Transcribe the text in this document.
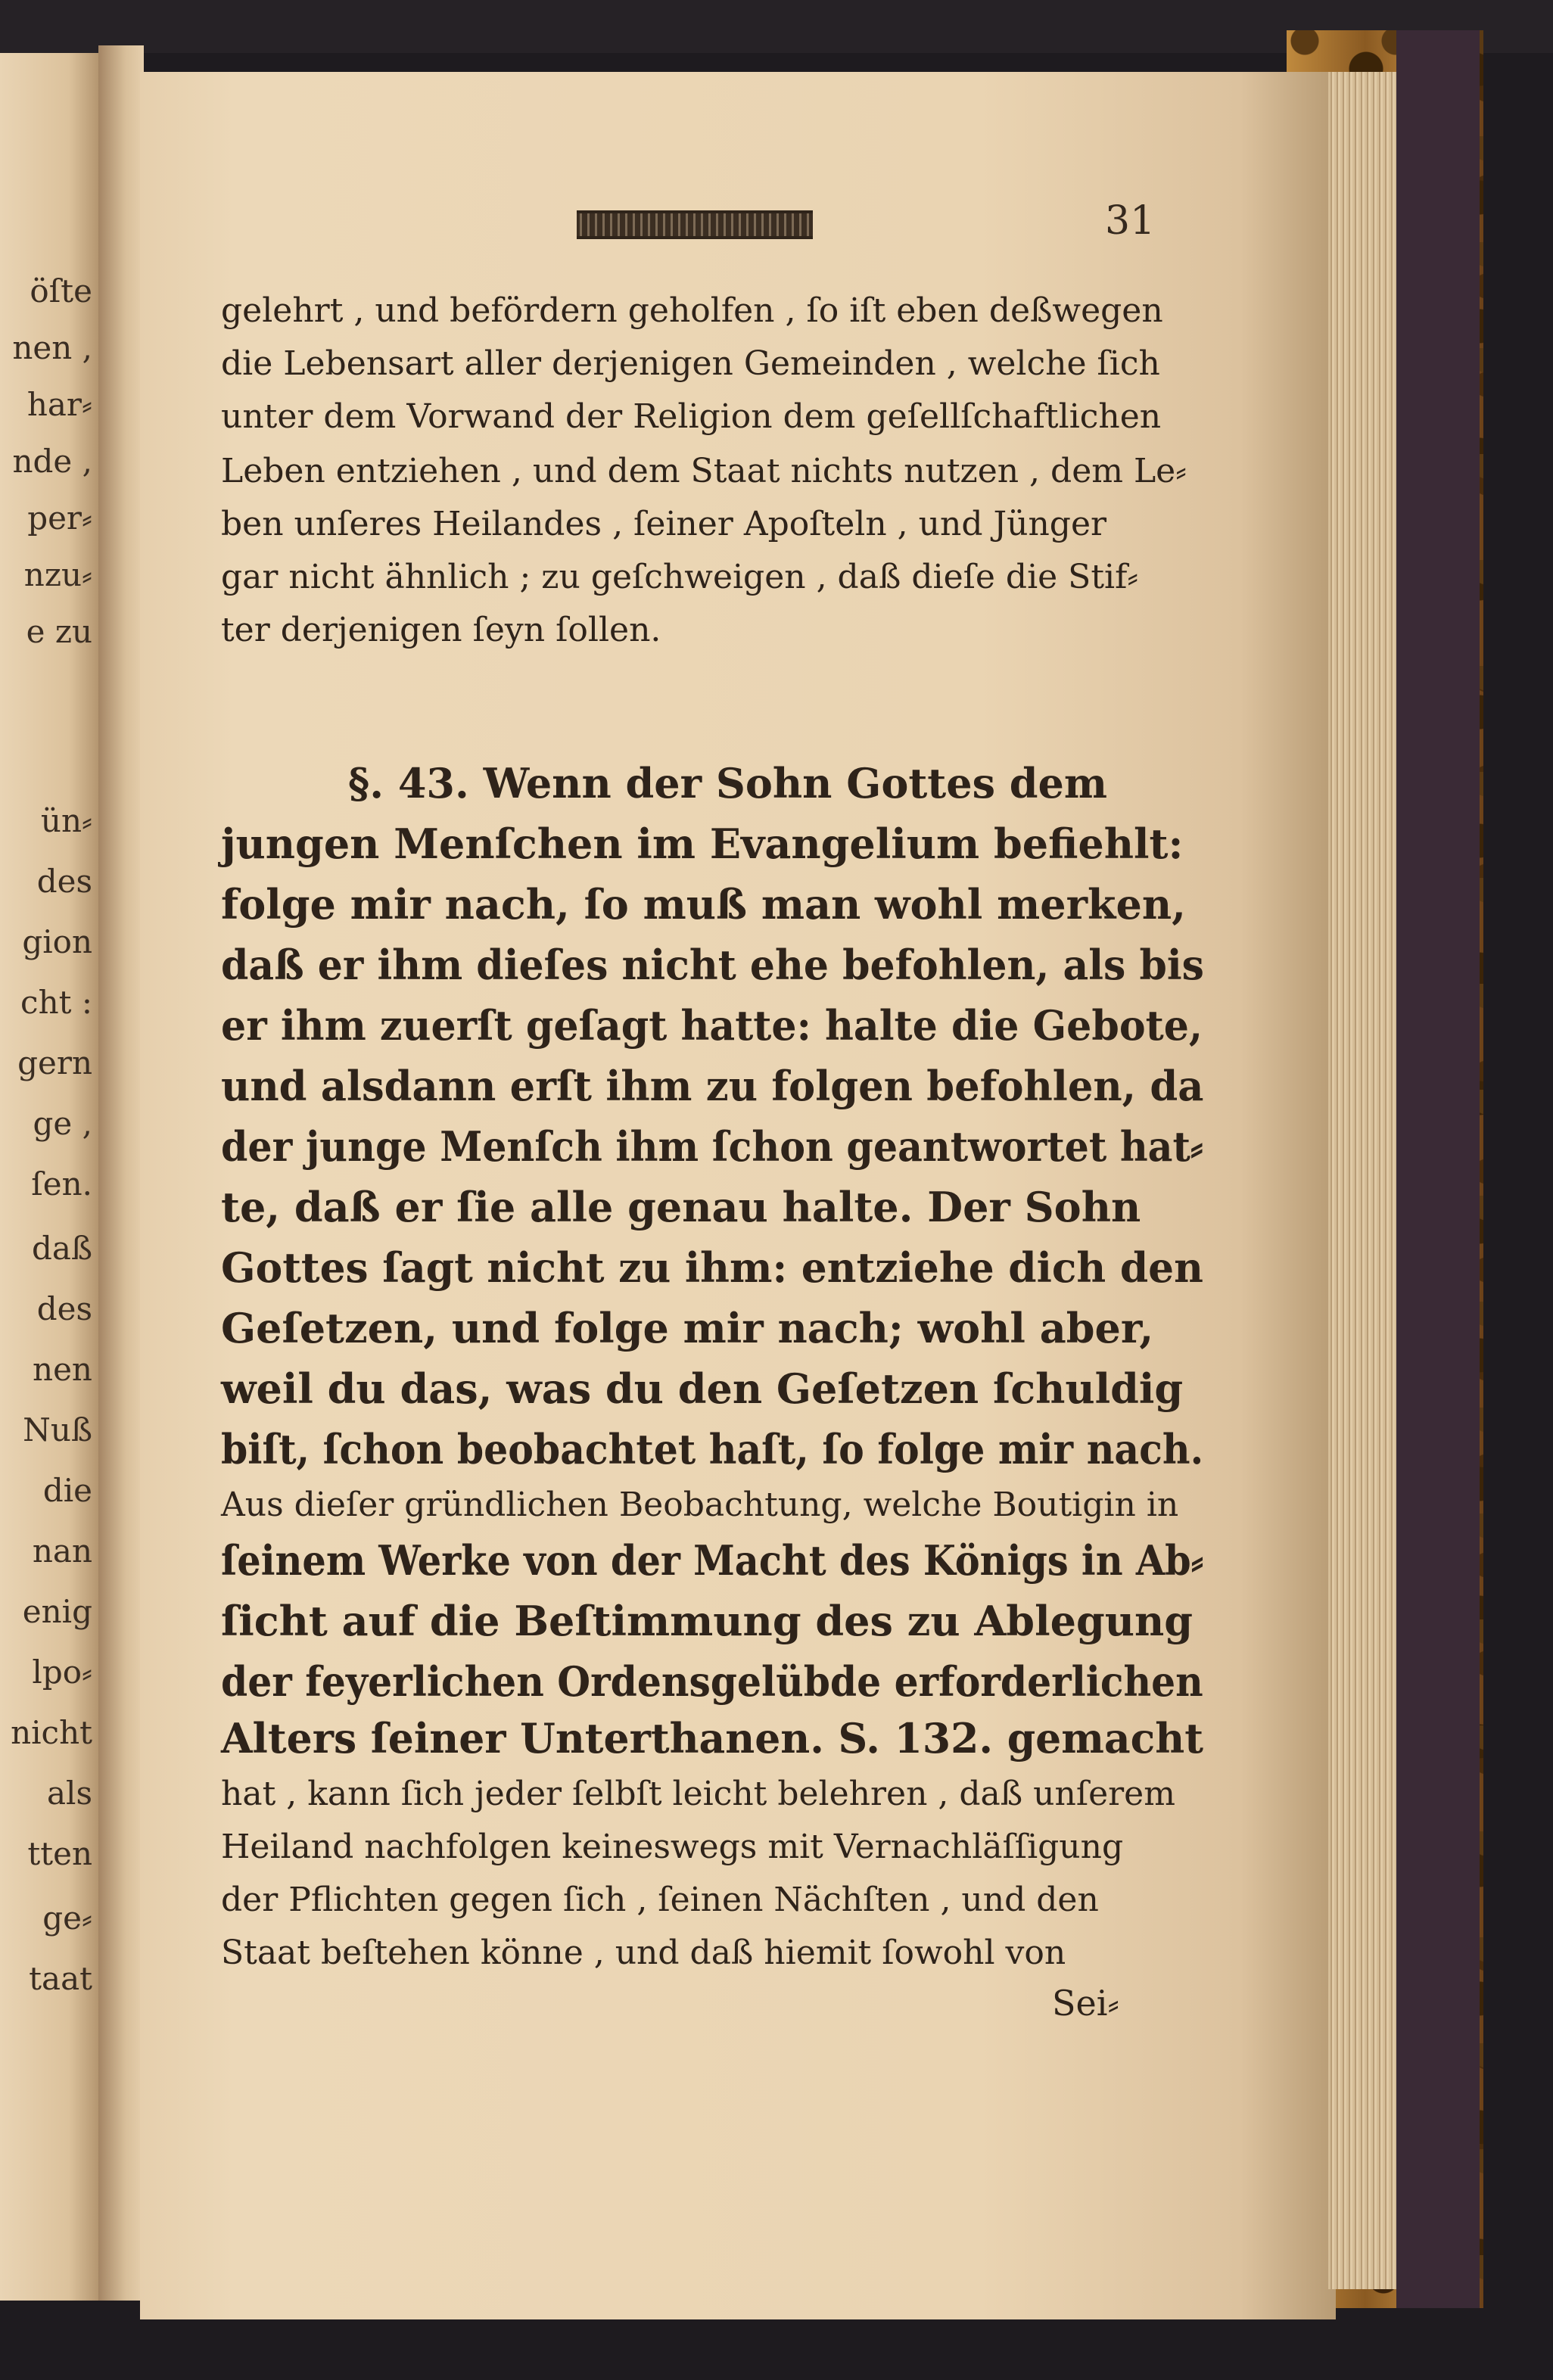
öſte
nen ,
har⸗
nde ,
per⸗
nzu⸗
e zu
ün⸗
des
gion
cht :
gern
ge ,
ſen.
daß
des
nen
Nuß
die
nan
enig
lpo⸗
nicht
als
tten
ge⸗
taat
31
gelehrt , und befördern geholfen , ſo iſt eben deßwegen
die Lebensart aller derjenigen Gemeinden , welche ſich
unter dem Vorwand der Religion dem geſellſchaftlichen
Leben entziehen , und dem Staat nichts nutzen , dem Le⸗
ben unſeres Heilandes , ſeiner Apoſteln , und Jünger
gar nicht ähnlich ; zu geſchweigen , daß dieſe die Stif⸗
ter derjenigen ſeyn ſollen.
§. 43. Wenn der Sohn Gottes dem
jungen Menſchen im Evangelium befiehlt:
folge mir nach, ſo muß man wohl merken,
daß er ihm dieſes nicht ehe befohlen, als bis
er ihm zuerſt geſagt hatte: halte die Gebote,
und alsdann erſt ihm zu folgen befohlen, da
der junge Menſch ihm ſchon geantwortet hat⸗
te, daß er ſie alle genau halte. Der Sohn
Gottes ſagt nicht zu ihm: entziehe dich den
Geſetzen, und folge mir nach; wohl aber,
weil du das, was du den Geſetzen ſchuldig
biſt, ſchon beobachtet haſt, ſo folge mir nach.
Aus dieſer gründlichen Beobachtung, welche Boutigin in
ſeinem Werke von der Macht des Königs in Ab⸗
ſicht auf die Beſtimmung des zu Ablegung
der feyerlichen Ordensgelübde erforderlichen
Alters ſeiner Unterthanen. S. 132. gemacht
hat , kann ſich jeder ſelbſt leicht belehren , daß unſerem
Heiland nachfolgen keineswegs mit Vernachläſſigung
der Pflichten gegen ſich , ſeinen Nächſten , und den
Staat beſtehen könne , und daß hiemit ſowohl von
Sei⸗
